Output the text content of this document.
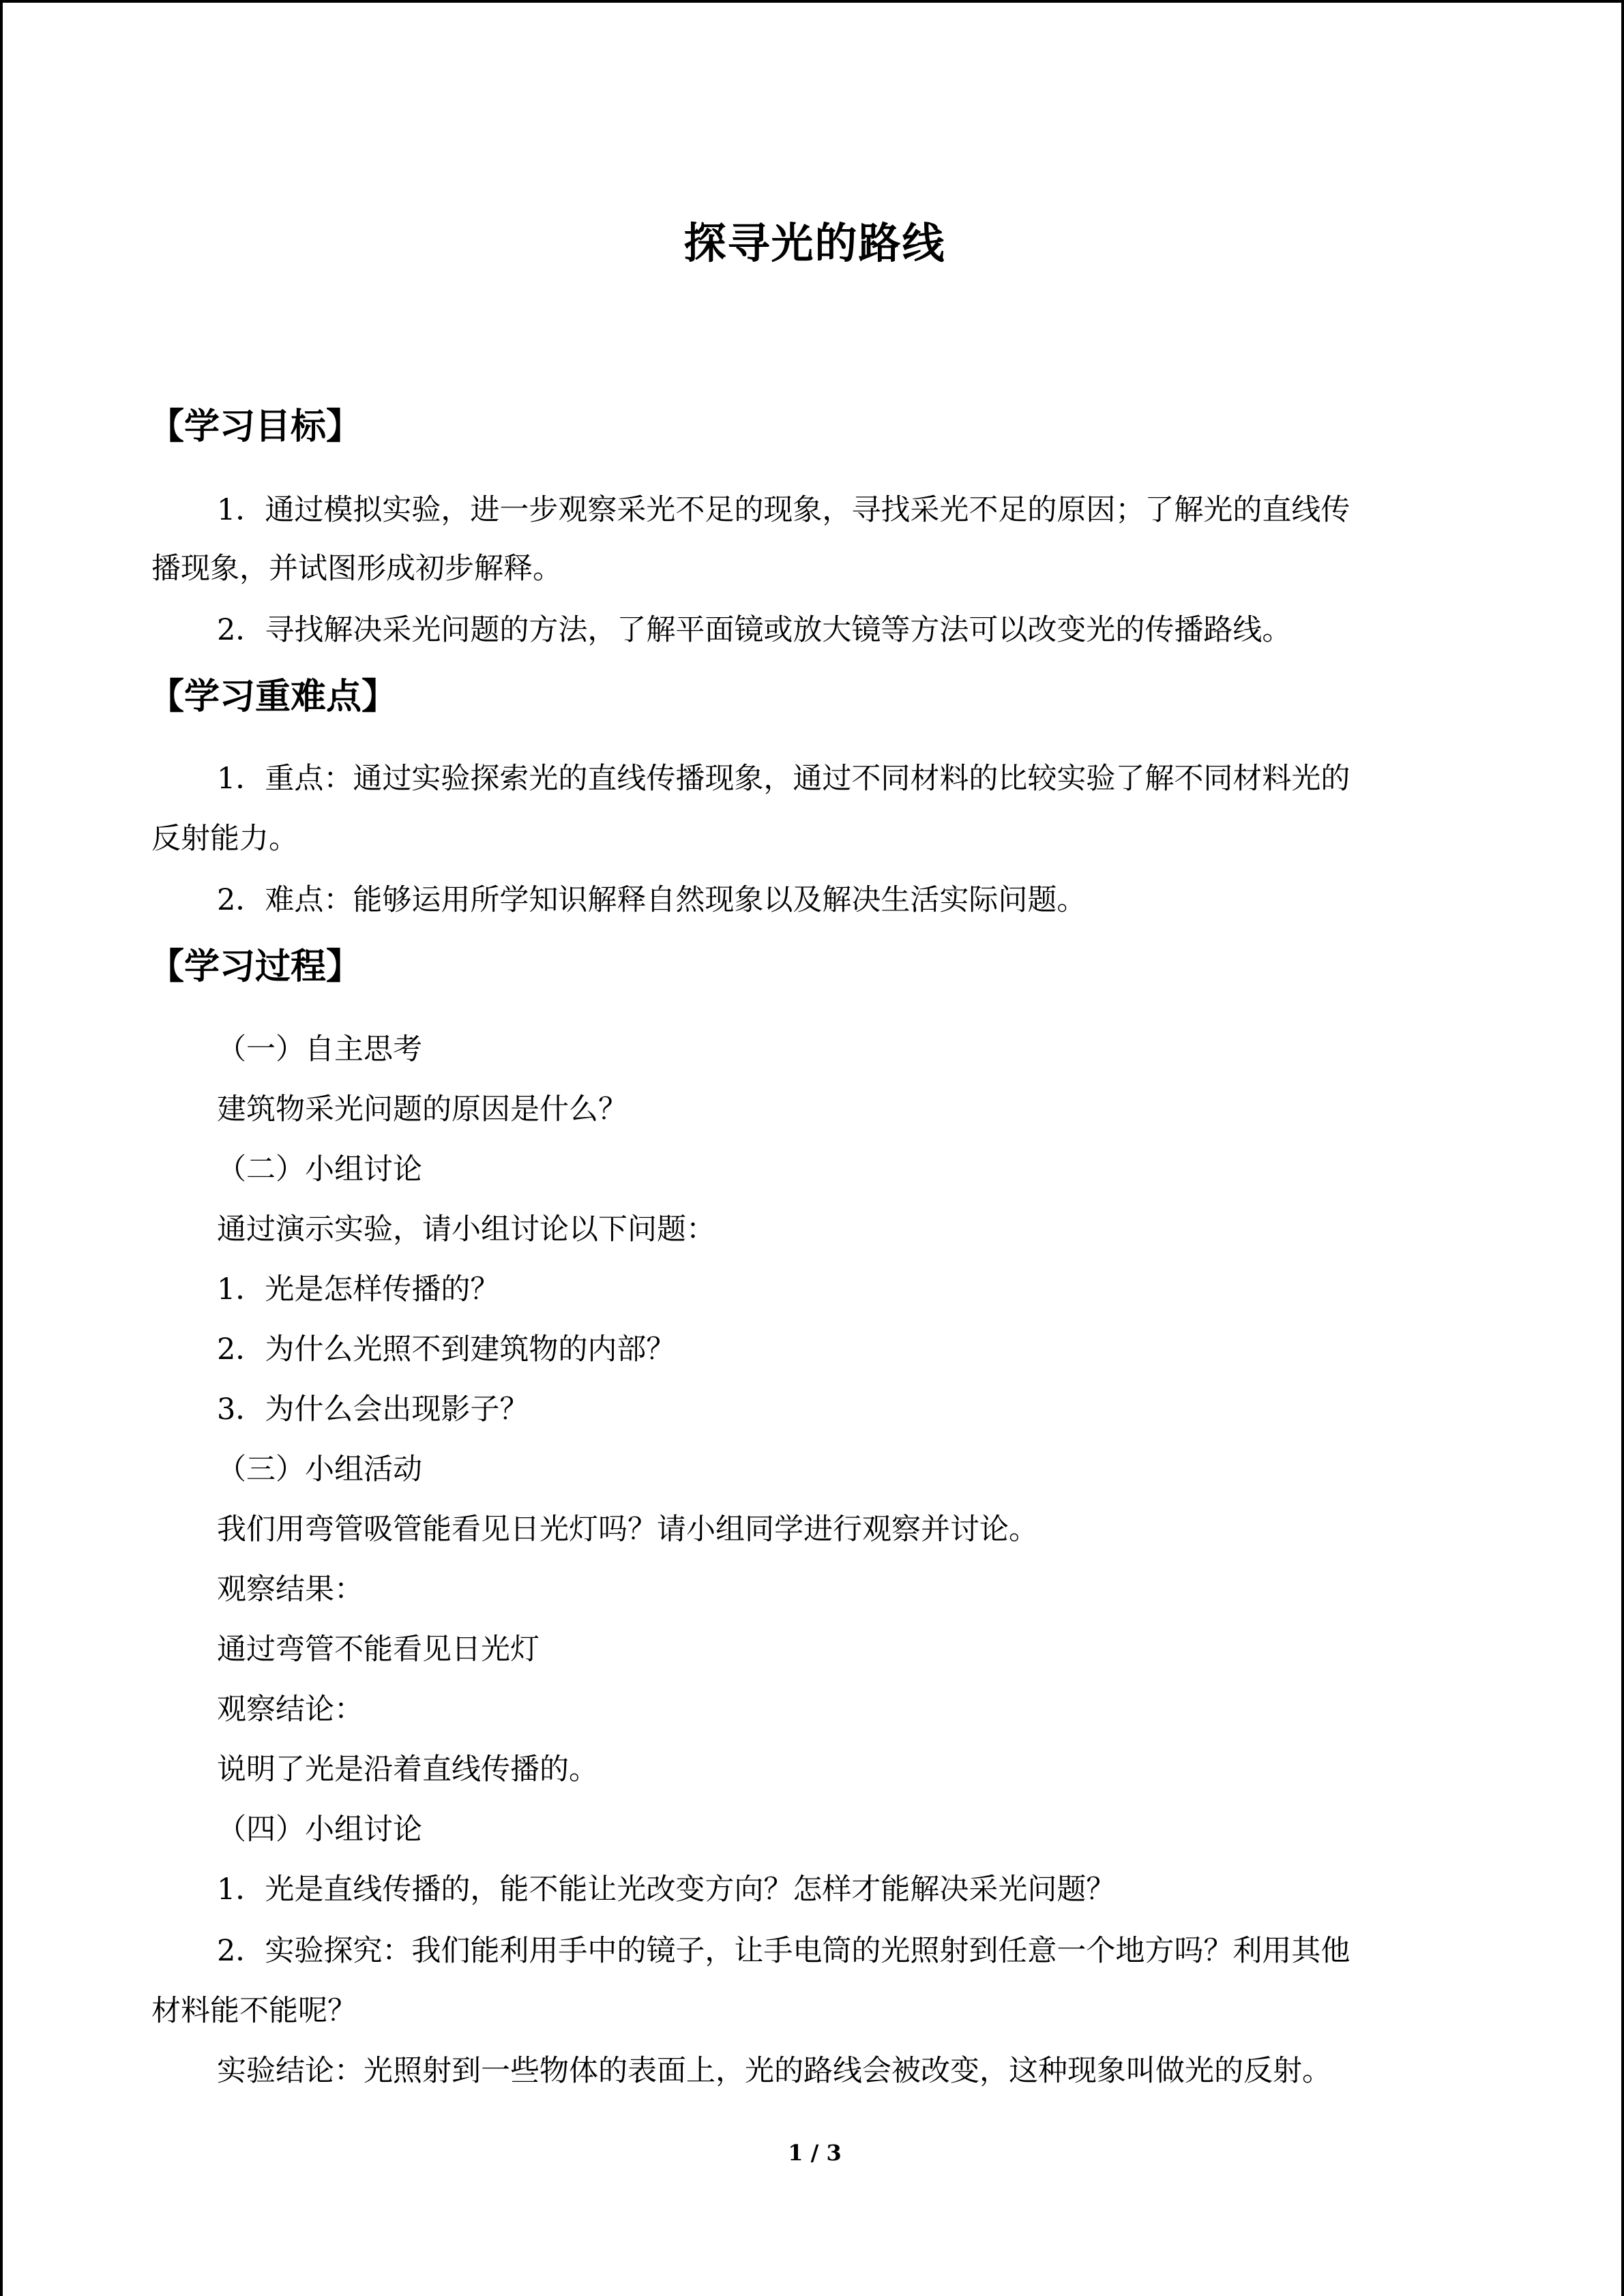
探寻光的路线
【学习目标】
1．通过模拟实验，进一步观察采光不足的现象，寻找采光不足的原因；了解光的直线传
播现象，并试图形成初步解释。
2．寻找解决采光问题的方法，了解平面镜或放大镜等方法可以改变光的传播路线。
【学习重难点】
1．重点：通过实验探索光的直线传播现象，通过不同材料的比较实验了解不同材料光的
反射能力。
2．难点：能够运用所学知识解释自然现象以及解决生活实际问题。
【学习过程】
（一）自主思考
建筑物采光问题的原因是什么？
（二）小组讨论
通过演示实验，请小组讨论以下问题：
1．光是怎样传播的？
2．为什么光照不到建筑物的内部？
3．为什么会出现影子？
（三）小组活动
我们用弯管吸管能看见日光灯吗？请小组同学进行观察并讨论。
观察结果：
通过弯管不能看见日光灯
观察结论：
说明了光是沿着直线传播的。
（四）小组讨论
1．光是直线传播的，能不能让光改变方向？怎样才能解决采光问题？
2．实验探究：我们能利用手中的镜子，让手电筒的光照射到任意一个地方吗？利用其他
材料能不能呢？
实验结论：光照射到一些物体的表面上，光的路线会被改变，这种现象叫做光的反射。
1 / 3
